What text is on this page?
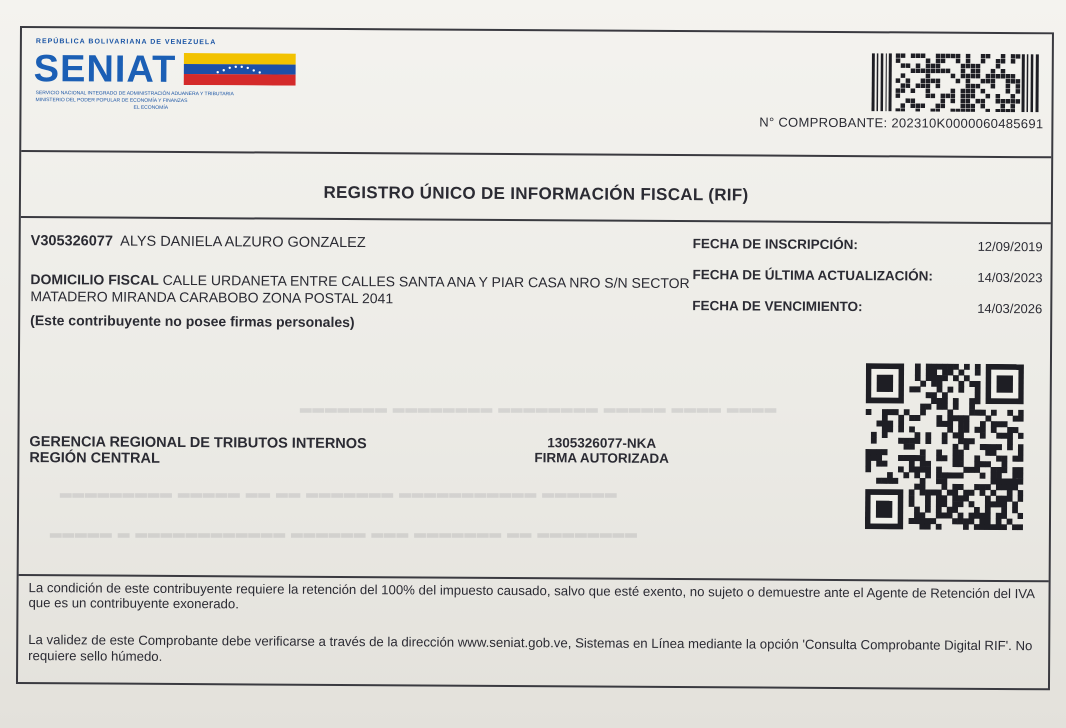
▂▂▂▂▂▂▂ ▂▂▂▂▂▂▂▂ ▂▂▂▂▂▂▂▂ ▂▂▂▂▂ ▂▂▂▂ ▂▂▂▂
▂▂▂▂▂▂▂▂▂ ▂▂▂▂▂ ▂▂ ▂▂ ▂▂▂▂▂▂▂ ▂▂▂▂▂▂▂▂▂▂▂ ▂▂▂▂▂▂
▂▂▂▂▂ ▂ ▂▂▂▂▂▂▂▂▂▂▂▂ ▂▂▂▂▂▂ ▂▂▂ ▂▂▂▂▂▂▂ ▂▂ ▂▂▂▂▂▂▂▂
REPÚBLICA BOLIVARIANA DE VENEZUELA
SENIAT
SERVICIO NACIONAL INTEGRADO DE ADMINISTRACIÓN ADUANERA Y TRIBUTARIA
MINISTERIO DEL PODER POPULAR DE ECONOMÍA Y FINANZAS
EL ECONOMÍA
N° COMPROBANTE: 202310K0000060485691
REGISTRO ÚNICO DE INFORMACIÓN FISCAL (RIF)
V305326077 ALYS DANIELA ALZURO GONZALEZ
DOMICILIO FISCAL CALLE URDANETA ENTRE CALLES SANTA ANA Y PIAR CASA NRO S/N SECTOR MATADERO MIRANDA CARABOBO ZONA POSTAL 2041
(Este contribuyente no posee firmas personales)
FECHA DE INSCRIPCIÓN:	12/09/2019
FECHA DE ÚLTIMA ACTUALIZACIÓN:	14/03/2023
FECHA DE VENCIMIENTO:	14/03/2026
GERENCIA REGIONAL DE TRIBUTOS INTERNOS
REGIÓN CENTRAL
1305326077-NKA
FIRMA AUTORIZADA
La condición de este contribuyente requiere la retención del 100% del impuesto causado, salvo que esté exento, no sujeto o demuestre ante el Agente de Retención del IVA que es un contribuyente exonerado.
La validez de este Comprobante debe verificarse a través de la dirección www.seniat.gob.ve, Sistemas en Línea mediante la opción 'Consulta Comprobante Digital RIF'. No requiere sello húmedo.
